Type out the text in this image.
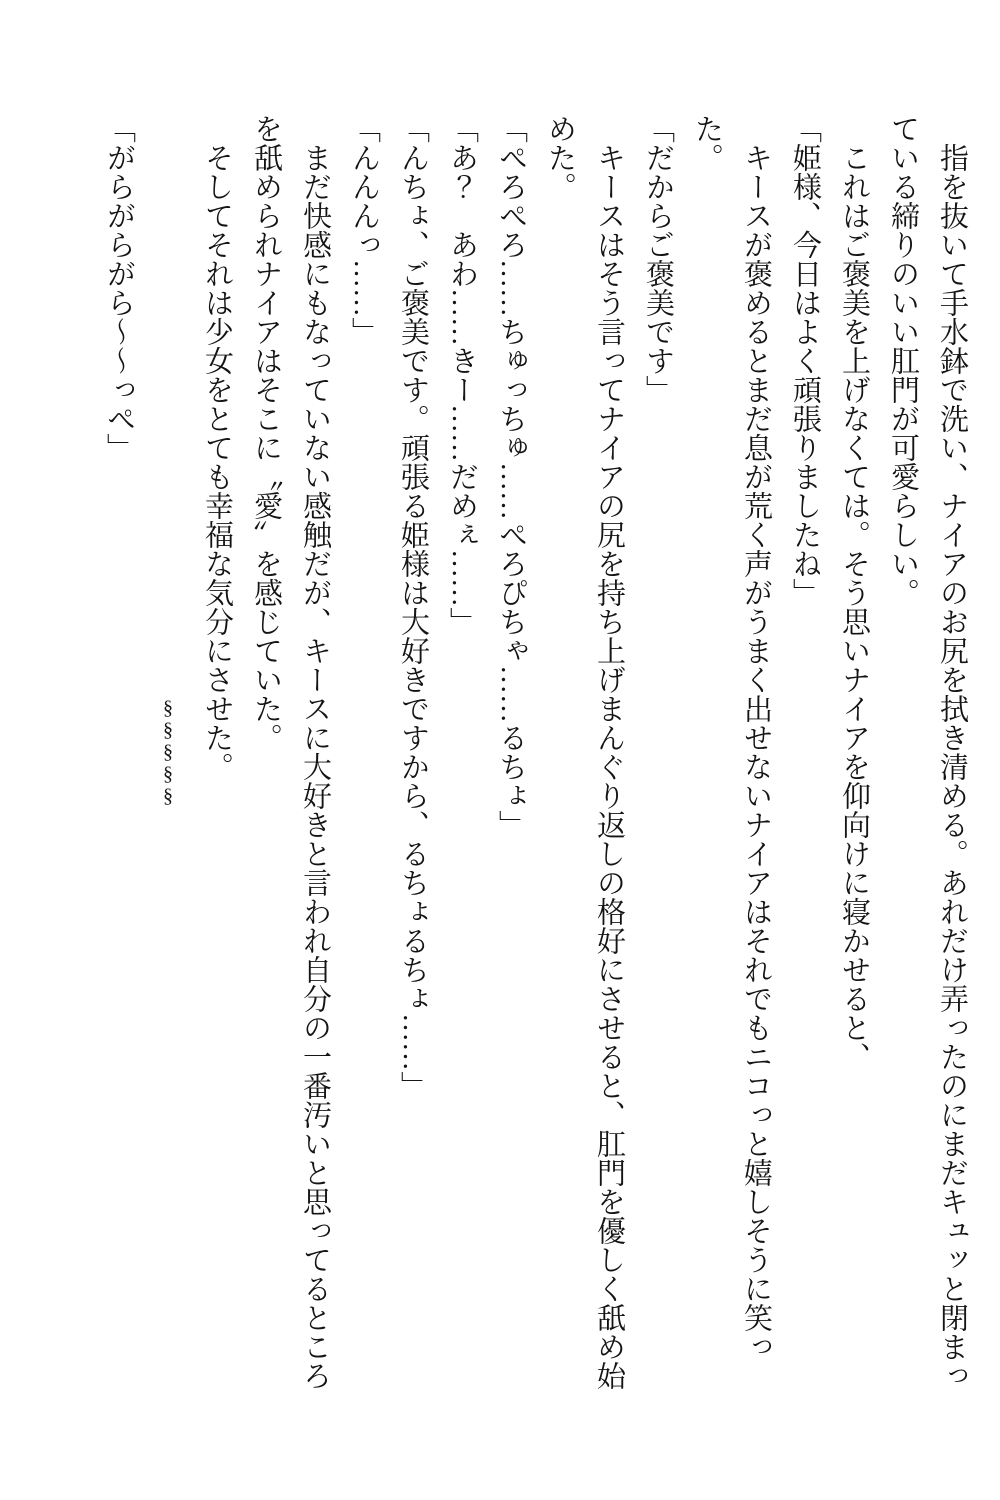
指を抜いて手水鉢で洗い、ナイアのお尻を拭き清める。あれだけ弄ったのにまだキュッと閉まっている締りのいい肛門が可愛らしい。

これはご褒美を上げなくては。そう思いナイアを仰向けに寝かせると、

「姫様、今日はよく頑張りましたね」

キースが褒めるとまだ息が荒く声がうまく出せないナイアはそれでもニコっと嬉しそうに笑った。

「だからご褒美です」

キースはそう言ってナイアの尻を持ち上げまんぐり返しの格好にさせると、肛門を優しく舐め始めた。

「ぺろぺろ……ちゅっちゅ……ぺろぴちゃ……るちょ」

「あ？　あわ……きー……だめぇ……」

「んちょ、ご褒美です。頑張る姫様は大好きですから、るちょるちょ……」

「んんんっ……」

まだ快感にもなっていない感触だが、キースに大好きと言われ自分の一番汚いと思ってるところを舐められナイアはそこに〝愛〟を感じていた。

そしてそれは少女をとても幸福な気分にさせた。

§§§§§

「がらがらがら〜〜っぺ」
